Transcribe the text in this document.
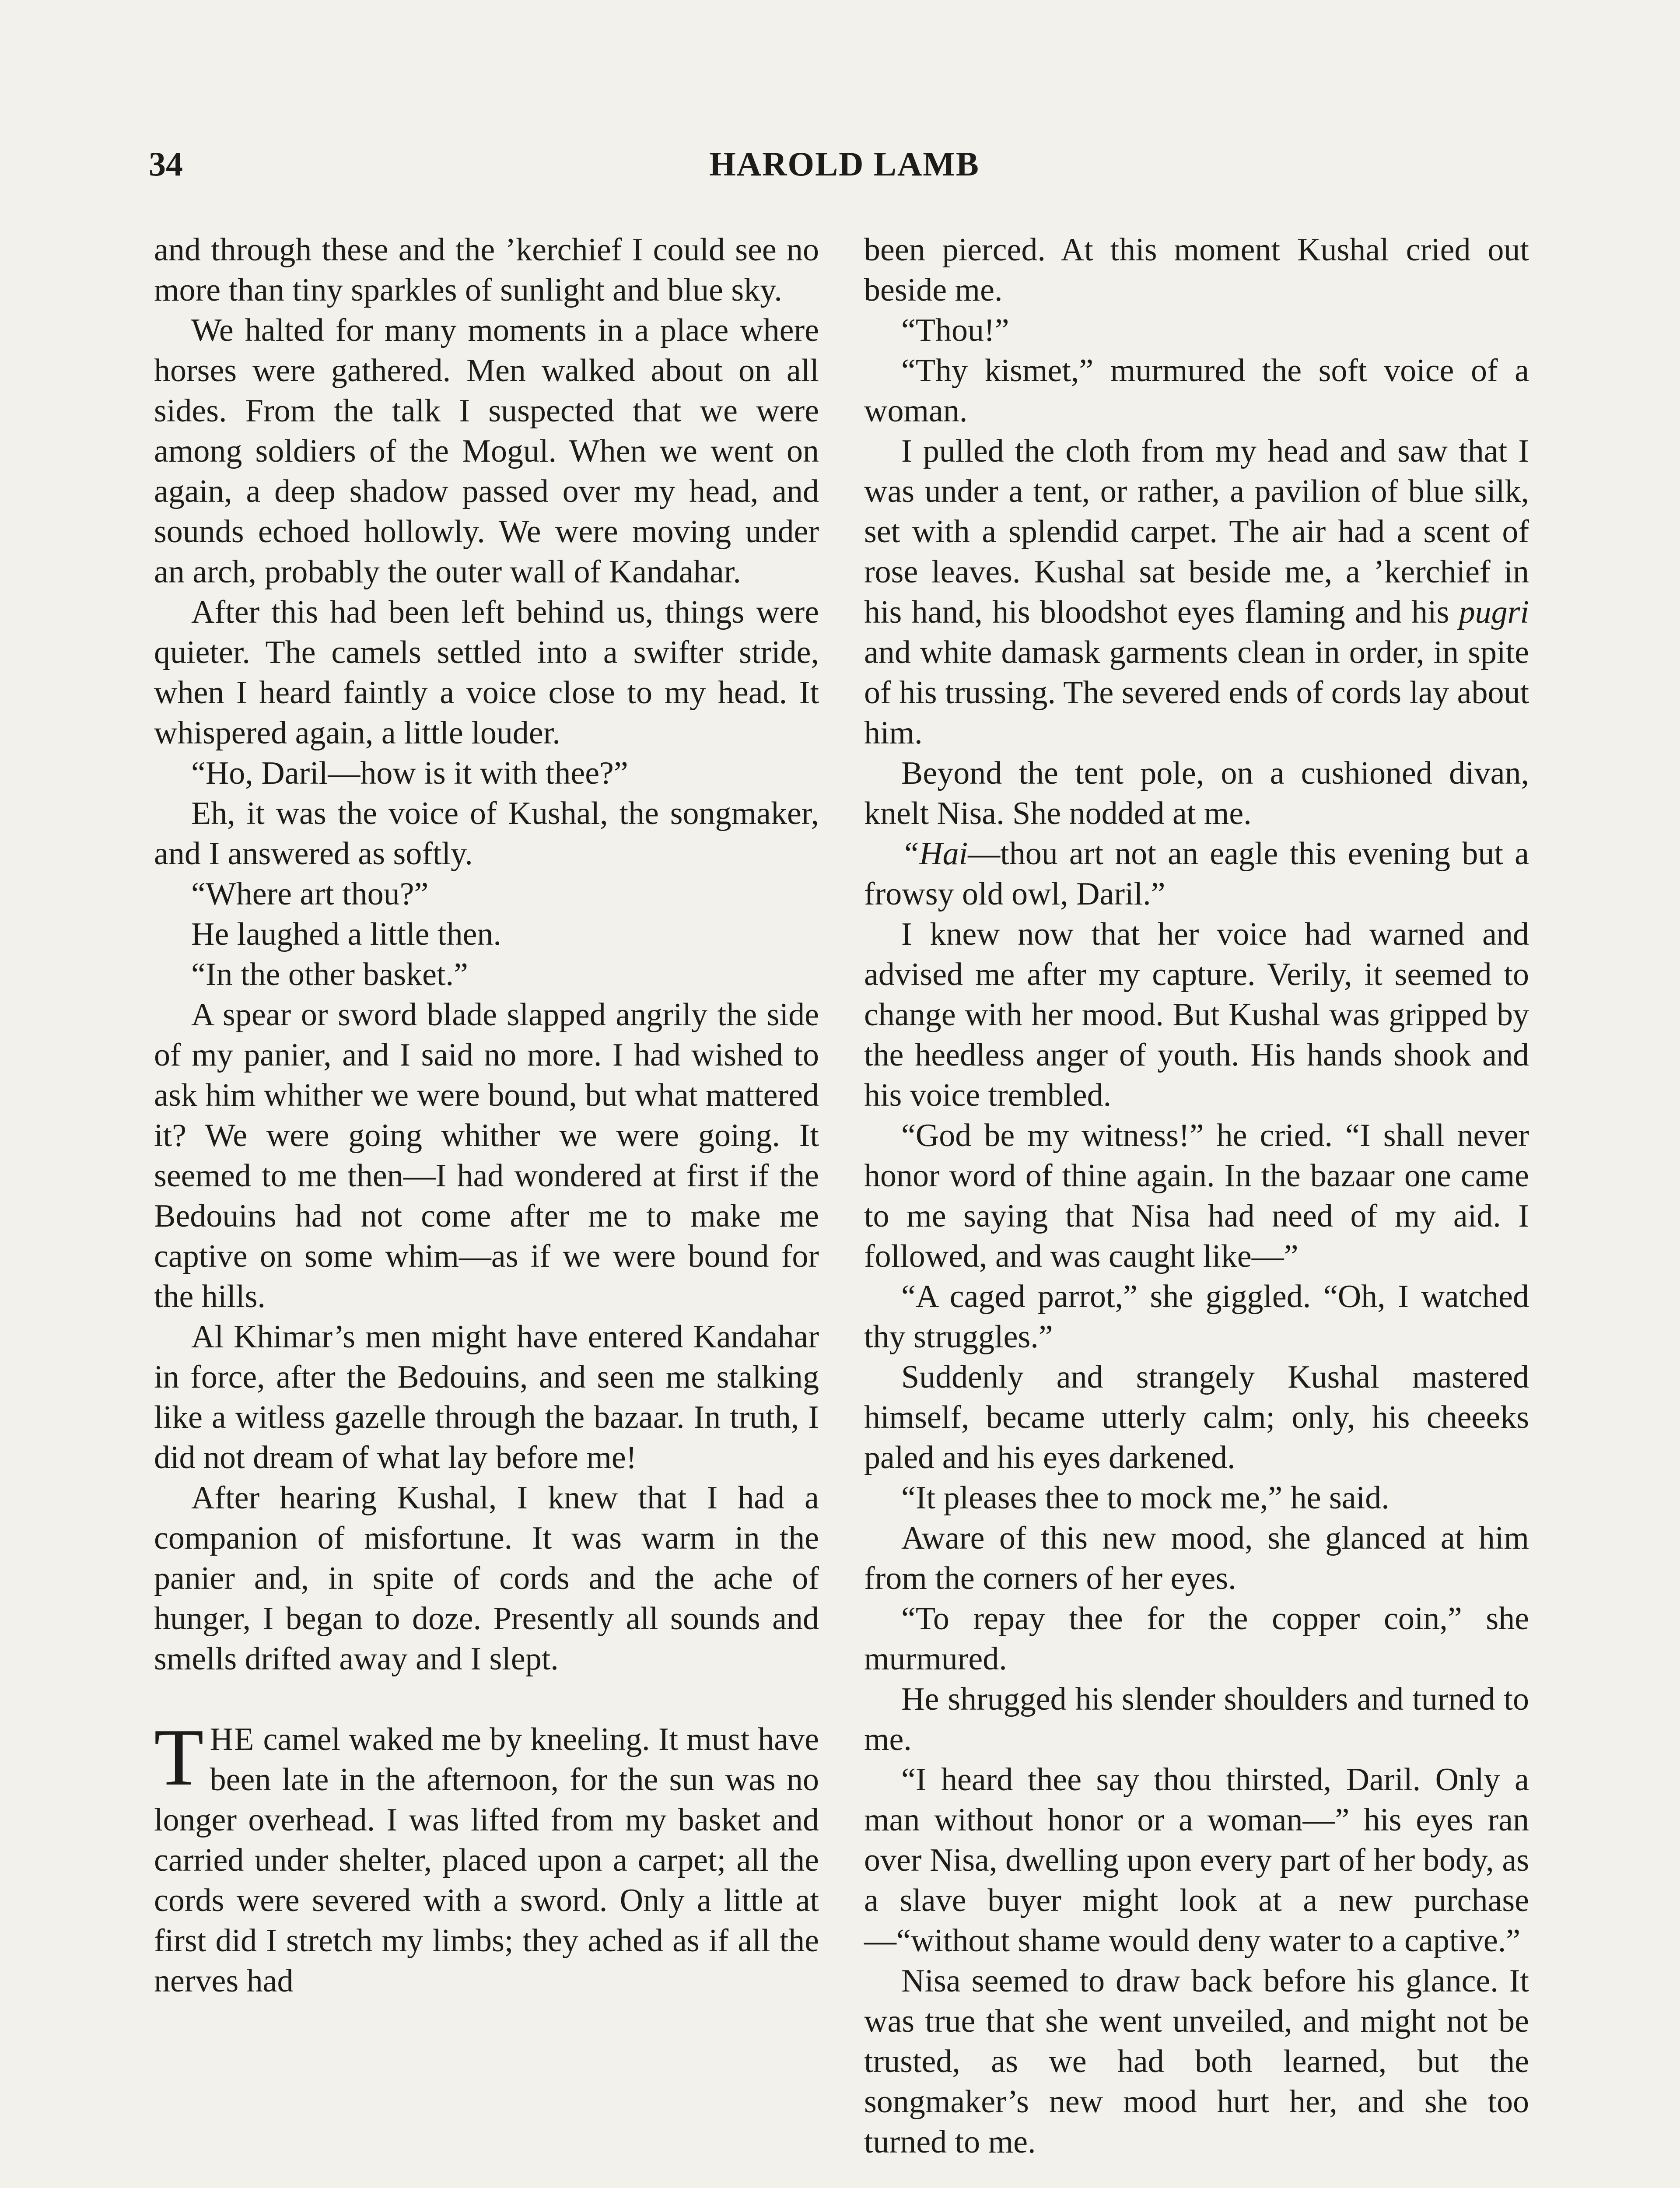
34	HAROLD LAMB

and through these and the ’kerchief I could see no more than tiny sparkles of sunlight and blue sky.

We halted for many moments in a place where horses were gathered. Men walked about on all sides. From the talk I suspected that we were among soldiers of the Mogul. When we went on again, a deep shadow passed over my head, and sounds echoed hollowly. We were moving under an arch, probably the outer wall of Kandahar.

After this had been left behind us, things were quieter. The camels settled into a swifter stride, when I heard faintly a voice close to my head. It whispered again, a little louder.

“Ho, Daril—how is it with thee?”

Eh, it was the voice of Kushal, the songmaker, and I answered as softly.

“Where art thou?”

He laughed a little then.

“In the other basket.”

A spear or sword blade slapped angrily the side of my panier, and I said no more. I had wished to ask him whither we were bound, but what mattered it? We were going whither we were going. It seemed to me then—I had wondered at first if the Bedouins had not come after me to make me captive on some whim—as if we were bound for the hills.

Al Khimar’s men might have entered Kandahar in force, after the Bedouins, and seen me stalking like a witless gazelle through the bazaar. In truth, I did not dream of what lay before me!

After hearing Kushal, I knew that I had a companion of misfortune. It was warm in the panier and, in spite of cords and the ache of hunger, I began to doze. Presently all sounds and smells drifted away and I slept.

THE camel waked me by kneeling. It must have been late in the afternoon, for the sun was no longer overhead. I was lifted from my basket and carried under shelter, placed upon a carpet; all the cords were severed with a sword. Only a little at first did I stretch my limbs; they ached as if all the nerves had

been pierced. At this moment Kushal cried out beside me.

“Thou!”

“Thy kismet,” murmured the soft voice of a woman.

I pulled the cloth from my head and saw that I was under a tent, or rather, a pavilion of blue silk, set with a splendid carpet. The air had a scent of rose leaves. Kushal sat beside me, a ’kerchief in his hand, his bloodshot eyes flaming and his pugri and white damask garments clean in order, in spite of his trussing. The severed ends of cords lay about him.

Beyond the tent pole, on a cushioned divan, knelt Nisa. She nodded at me.

“Hai—thou art not an eagle this evening but a frowsy old owl, Daril.”

I knew now that her voice had warned and advised me after my capture. Verily, it seemed to change with her mood. But Kushal was gripped by the heedless anger of youth. His hands shook and his voice trembled.

“God be my witness!” he cried. “I shall never honor word of thine again. In the bazaar one came to me saying that Nisa had need of my aid. I followed, and was caught like—”

“A caged parrot,” she giggled. “Oh, I watched thy struggles.”

Suddenly and strangely Kushal mastered himself, became utterly calm; only, his cheeeks paled and his eyes darkened.

“It pleases thee to mock me,” he said.

Aware of this new mood, she glanced at him from the corners of her eyes.

“To repay thee for the copper coin,” she murmured.

He shrugged his slender shoulders and turned to me.

“I heard thee say thou thirsted, Daril. Only a man without honor or a woman—” his eyes ran over Nisa, dwelling upon every part of her body, as a slave buyer might look at a new purchase—“without shame would deny water to a captive.”

Nisa seemed to draw back before his glance. It was true that she went unveiled, and might not be trusted, as we had both learned, but the songmaker’s new mood hurt her, and she too turned to me.
